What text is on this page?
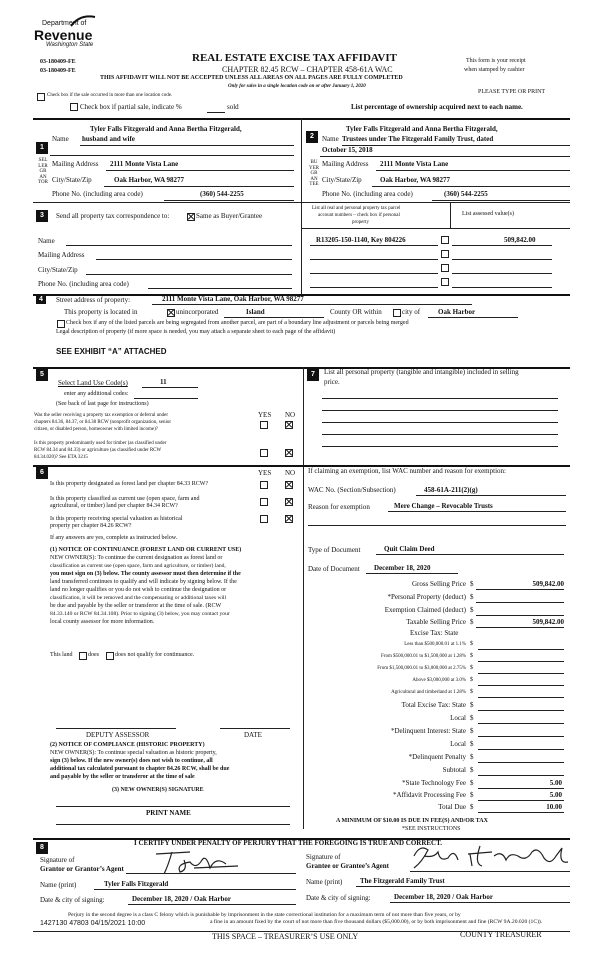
Department of
Revenue
Washington State
03-180409-FE
03-180409-FE
REAL ESTATE EXCISE TAX AFFIDAVIT
CHAPTER 82.45 RCW – CHAPTER 458-61A WAC
THIS AFFIDAVIT WILL NOT BE ACCEPTED UNLESS ALL AREAS ON ALL PAGES ARE FULLY COMPLETED
Only for sales in a single location code on or after January 1, 2020
This form is your receipt
when stamped by cashier
PLEASE TYPE OR PRINT
Check box if the sale occurred in more than one location code.
Check box if partial sale, indicate %	sold	List percentage of ownership acquired next to each name.
1
SELLER GRANTOR
Name
Tyler Falls Fitzgerald and Anna Bertha Fitzgerald,
husband and wife
Mailing Address 2111 Monte Vista Lane
City/State/Zip	Oak Harbor, WA 98277
Phone No. (including area code)	(360) 544-2255
2
BUYER GRANTEE
Name
Tyler Falls Fitzgerald and Anna Bertha Fitzgerald,
Trustees under The Fitzgerald Family Trust, dated
October 15, 2018
Mailing Address 2111 Monte Vista Lane
City/State/Zip	Oak Harbor, WA 98277
Phone No. (including area code)	(360) 544-2255
3	Send all property tax correspondence to:	Same as Buyer/Grantee
Name
Mailing Address
City/State/Zip
Phone No. (including area code)
List all real and personal property tax parcel
account numbers – check box if personal
property
List assessed value(s)
R13205-150-1140, Key 804226	509,842.00
4	Street address of property:	2111 Monte Vista Lane, Oak Harbor, WA 98277
This property is located in	unincorporated	Island	County OR within	city of	Oak Harbor
Check box if any of the listed parcels are being segregated from another parcel, are part of a boundary line adjustment or parcels being merged
Legal description of property (if more space is needed, you may attach a separate sheet to each page of the affidavit)
SEE EXHIBIT “A” ATTACHED
5
Select Land Use Code(s)	11
enter any additional codes:
(See back of last page for instructions)
YES NO
Was the seller receiving a property tax exemption or deferral under
chapters 84.36, 84.37, or 84.38 RCW (nonprofit organization, senior
citizen, or disabled person, homeowner with limited income)?
Is this property predominantly used for timber (as classified under
RCW 84.34 and 84.33) or agriculture (as classified under RCW
84.34.020)? See ETA 3215
7	List all personal property (tangible and intangible) included in selling
price.
6	YES NO
Is this property designated as forest land per chapter 84.33 RCW?
Is this property classified as current use (open space, farm and
agricultural, or timber) land per chapter 84.34 RCW?
Is this property receiving special valuation as historical
property per chapter 84.26 RCW?
If any answers are yes, complete as instructed below.
(1) NOTICE OF CONTINUANCE (FOREST LAND OR CURRENT USE)
NEW OWNER(S): To continue the current designation as forest land or
classification as current use (open space, farm and agriculture, or timber) land,
you must sign on (3) below. The county assessor must then determine if the
land transferred continues to qualify and will indicate by signing below. If the
land no longer qualifies or you do not wish to continue the designation or
classification, it will be removed and the compensating or additional taxes will
be due and payable by the seller or transferor at the time of sale. (RCW
84.33.140 or RCW 84.34.108). Prior to signing (3) below, you may contact your
local county assessor for more information.
This land	does	does not qualify for continuance.
DEPUTY ASSESSOR	DATE
(2) NOTICE OF COMPLIANCE (HISTORIC PROPERTY)
NEW OWNER(S): To continue special valuation as historic property,
sign (3) below. If the new owner(s) does not wish to continue, all
additional tax calculated pursuant to chapter 84.26 RCW, shall be due
and payable by the seller or transferor at the time of sale
(3) NEW OWNER(S) SIGNATURE
PRINT NAME
If claiming an exemption, list WAC number and reason for exemption:
WAC No. (Section/Subsection)	458-61A-211(2)(g)
Reason for exemption	Mere Change – Revocable Trusts
Type of Document	Quit Claim Deed
Date of Document December 18, 2020
Gross Selling Price $	509,842.00
*Personal Property (deduct) $
Exemption Claimed (deduct) $
Taxable Selling Price $	509,842.00
Excise Tax: State
Less than $500,000.01 at 1.1% $
From $500,000.01 to $1,500,000 at 1.28% $
From $1,500,000.01 to $3,000,000 at 2.75% $
Above $3,000,000 at 3.0% $
Agricultural and timberland at 1.28% $
Total Excise Tax: State $
Local $
*Delinquent Interest: State $
Local $
*Delinquent Penalty $
Subtotal $
*State Technology Fee $	5.00
*Affidavit Processing Fee $	5.00
Total Due $	10.00
A MINIMUM OF $10.00 IS DUE IN FEE(S) AND/OR TAX
*SEE INSTRUCTIONS
8
I CERTIFY UNDER PENALTY OF PERJURY THAT THE FOREGOING IS TRUE AND CORRECT.
Signature of
Grantor or Grantor’s Agent
Name (print)	Tyler Falls Fitzgerald
Date & city of signing:	December 18, 2020 / Oak Harbor
Signature of
Grantee or Grantee’s Agent
Name (print)	The Fitzgerald Family Trust
Date & city of signing:	December 18, 2020 / Oak Harbor
Perjury in the second degree is a class C felony which is punishable by imprisonment in the state correctional institution for a maximum term of not more than five years, or by
a fine in an amount fixed by the court of not more than five thousand dollars ($5,000.00), or by both imprisonment and fine (RCW 9A.20.020 (1C)).
1427130 47803 04/15/2021 10:00
THIS SPACE – TREASURER’S USE ONLY	COUNTY TREASURER
